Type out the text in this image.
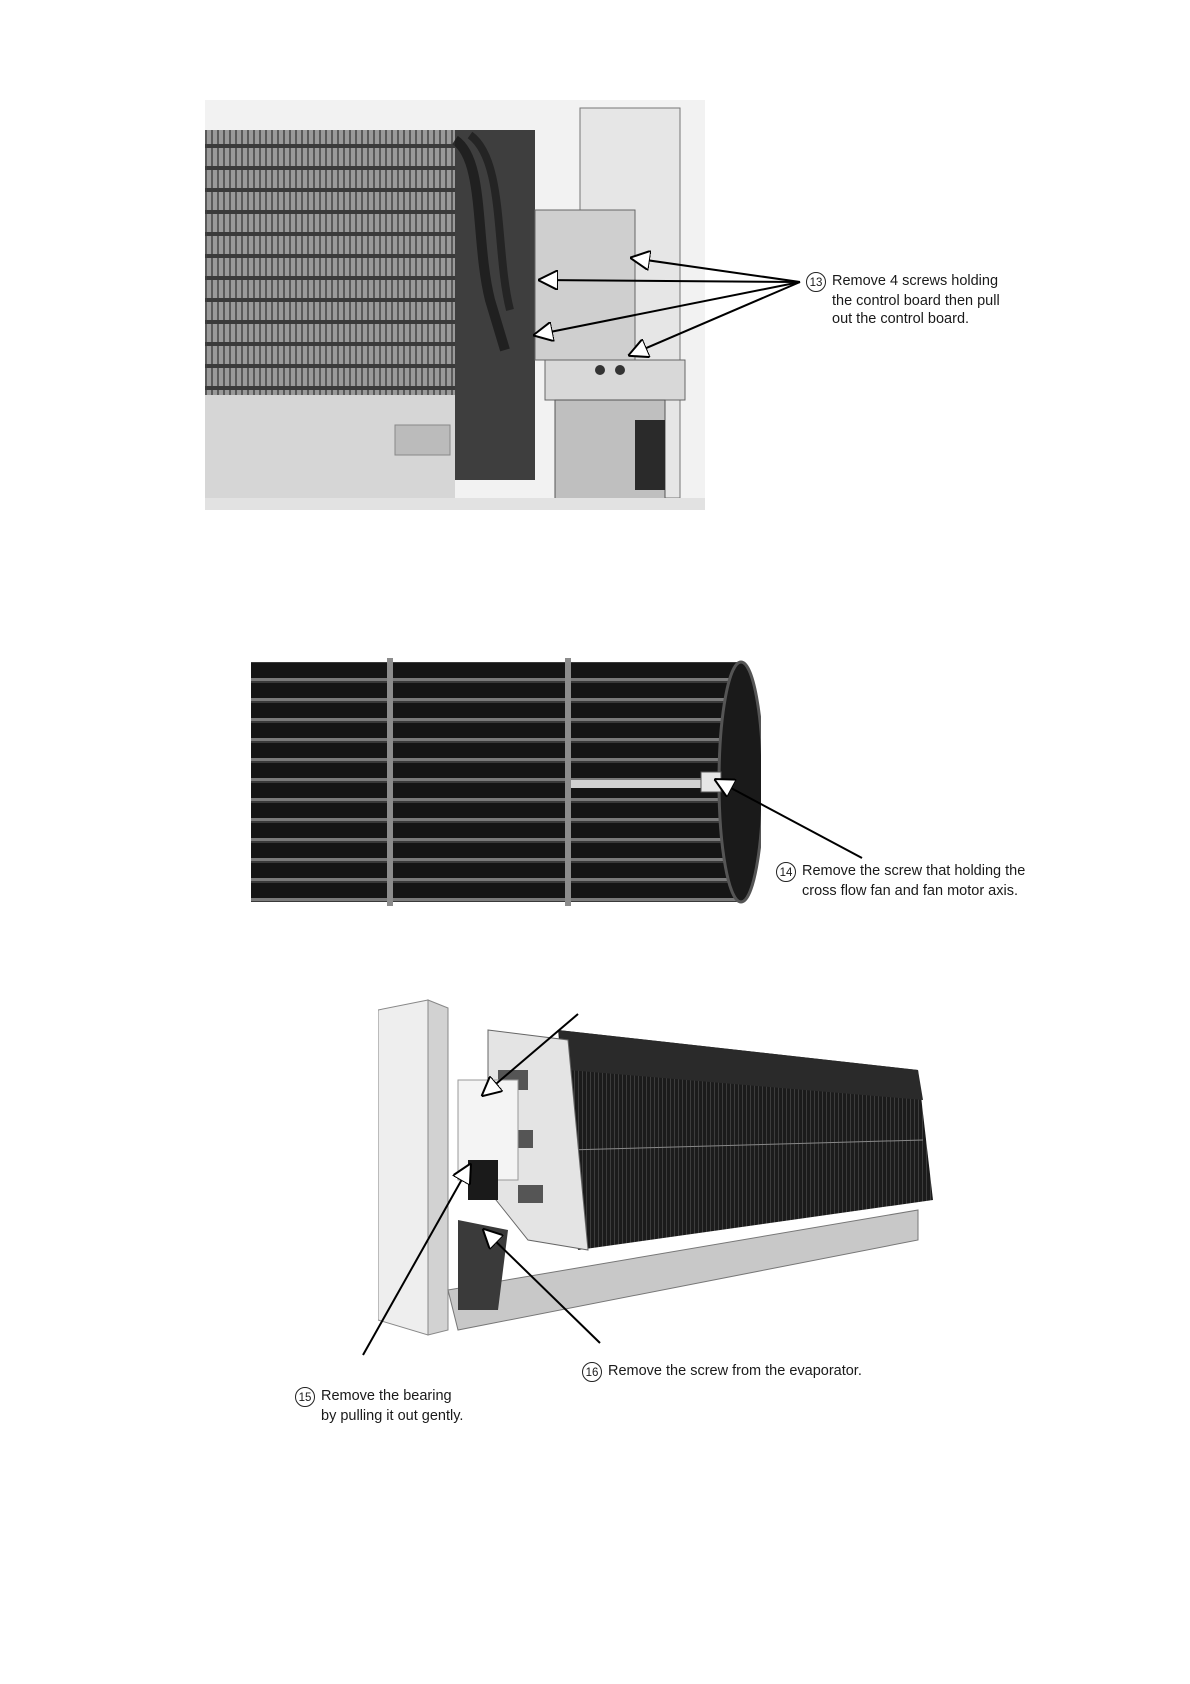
13 Remove 4 screws holding
the control board then pull
out the control board.
14 Remove the screw that holding the
cross flow fan and fan motor axis.
15 Remove the bearing
by pulling it out gently.
16 Remove the screw from the evaporator.
